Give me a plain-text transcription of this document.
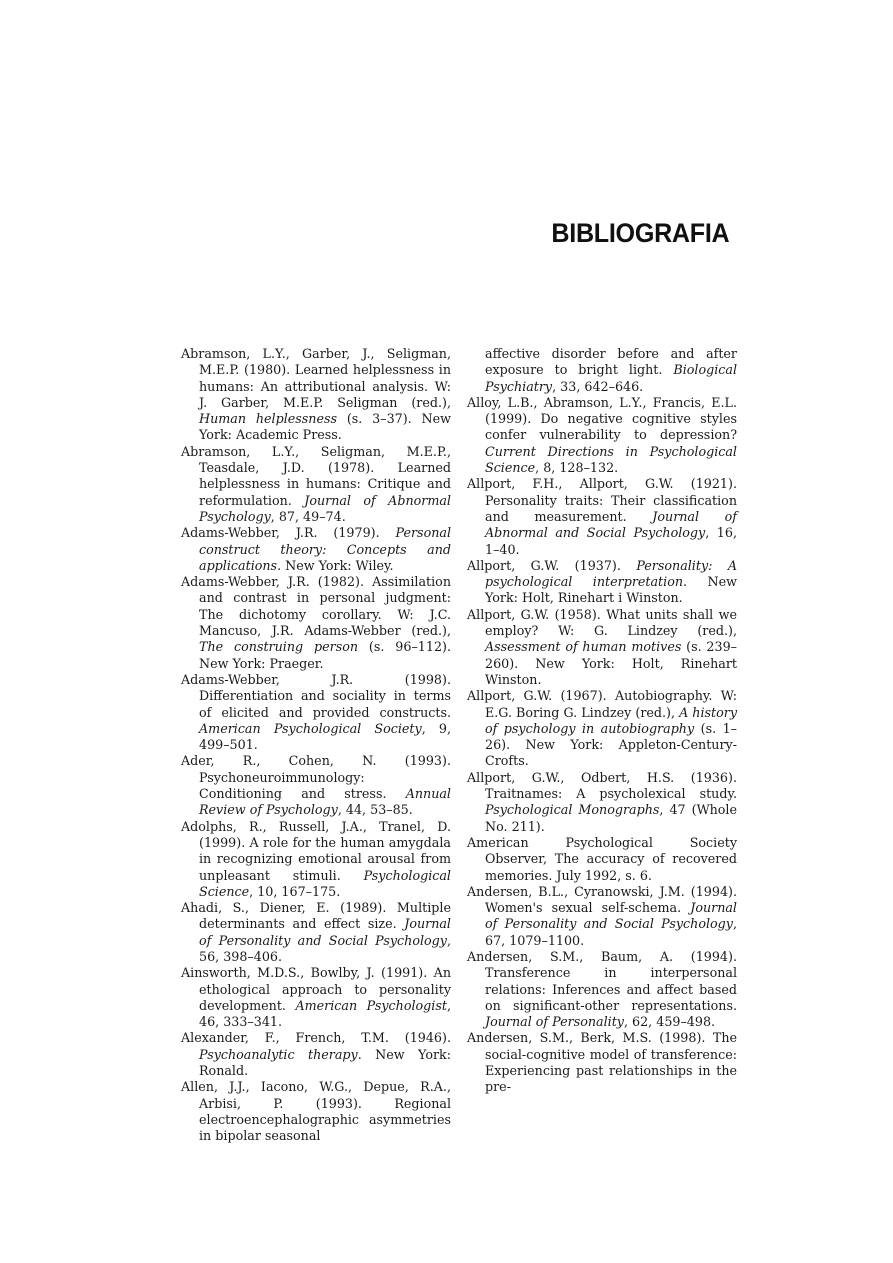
BIBLIOGRAFIA

Abramson, L.Y., Garber, J., Seligman, M.E.P. (1980). Learned helplessness in humans: An attributional analysis. W: J. Garber, M.E.P. Seligman (red.), Human helplessness (s. 3–37). New York: Academic Press.

Abramson, L.Y., Seligman, M.E.P., Teasdale, J.D. (1978). Learned helplessness in humans: Critique and reformulation. Journal of Abnormal Psychology, 87, 49–74.

Adams-Webber, J.R. (1979). Personal construct theory: Concepts and applications. New York: Wiley.

Adams-Webber, J.R. (1982). Assimilation and contrast in personal judgment: The dichotomy corollary. W: J.C. Mancuso, J.R. Adams-Webber (red.), The construing person (s. 96–112). New York: Praeger.

Adams-Webber, J.R. (1998). Differentiation and sociality in terms of elicited and provided constructs. American Psychological Society, 9, 499–501.

Ader, R., Cohen, N. (1993). Psychoneuroimmunology: Conditioning and stress. Annual Review of Psychology, 44, 53–85.

Adolphs, R., Russell, J.A., Tranel, D. (1999). A role for the human amygdala in recognizing emotional arousal from unpleasant stimuli. Psychological Science, 10, 167–175.

Ahadi, S., Diener, E. (1989). Multiple determinants and effect size. Journal of Personality and Social Psychology, 56, 398–406.

Ainsworth, M.D.S., Bowlby, J. (1991). An ethological approach to personality development. American Psychologist, 46, 333–341.

Alexander, F., French, T.M. (1946). Psychoanalytic therapy. New York: Ronald.

Allen, J.J., Iacono, W.G., Depue, R.A., Arbisi, P. (1993). Regional electroencephalographic asymmetries in bipolar seasonal

affective disorder before and after exposure to bright light. Biological Psychiatry, 33, 642–646.

Alloy, L.B., Abramson, L.Y., Francis, E.L. (1999). Do negative cognitive styles confer vulnerability to depression? Current Directions in Psychological Science, 8, 128–132.

Allport, F.H., Allport, G.W. (1921). Personality traits: Their classification and measurement. Journal of Abnormal and Social Psychology, 16, 1–40.

Allport, G.W. (1937). Personality: A psychological interpretation. New York: Holt, Rinehart i Winston.

Allport, G.W. (1958). What units shall we employ? W: G. Lindzey (red.), Assessment of human motives (s. 239–260). New York: Holt, Rinehart Winston.

Allport, G.W. (1967). Autobiography. W: E.G. Boring G. Lindzey (red.), A history of psychology in autobiography (s. 1–26). New York: Appleton-Century-Crofts.

Allport, G.W., Odbert, H.S. (1936). Traitnames: A psycholexical study. Psychological Monographs, 47 (Whole No. 211).

American Psychological Society Observer, The accuracy of recovered memories. July 1992, s. 6.

Andersen, B.L., Cyranowski, J.M. (1994). Women's sexual self-schema. Journal of Personality and Social Psychology, 67, 1079–1100.

Andersen, S.M., Baum, A. (1994). Transference in interpersonal relations: Inferences and affect based on significant-other representations. Journal of Personality, 62, 459–498.

Andersen, S.M., Berk, M.S. (1998). The social-cognitive model of transference: Experiencing past relationships in the pre-
